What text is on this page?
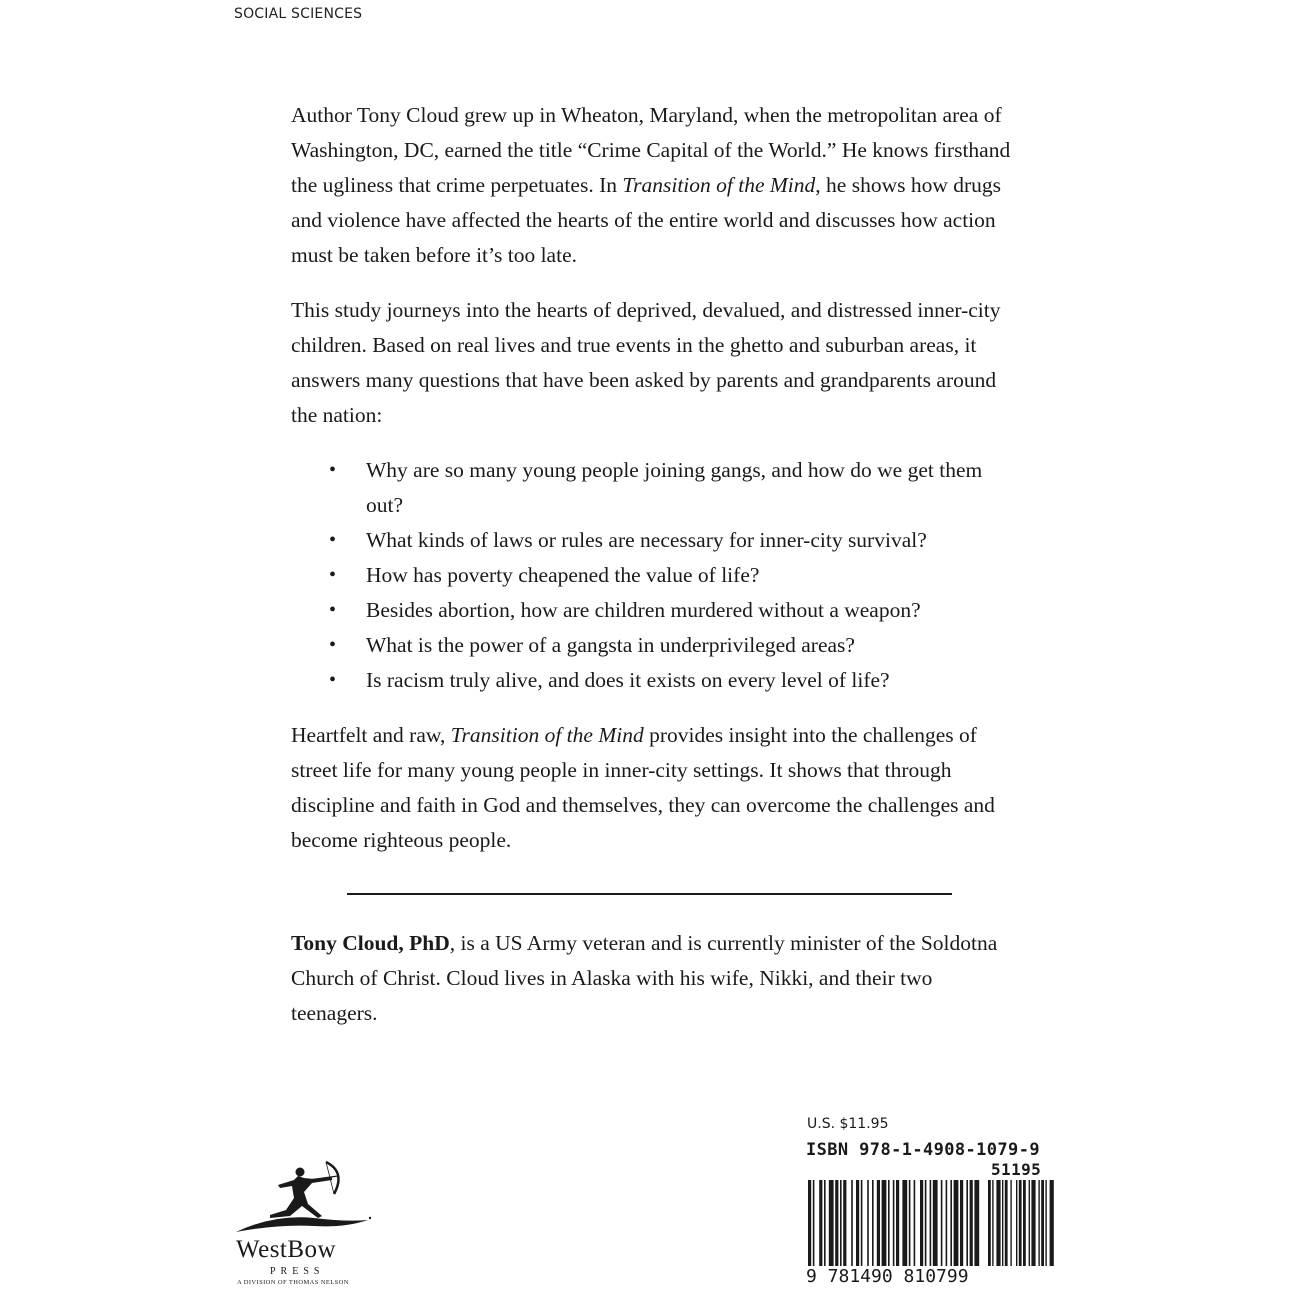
SOCIAL SCIENCES

Author Tony Cloud grew up in Wheaton, Maryland, when the metropolitan area of Washington, DC, earned the title “Crime Capital of the World.” He knows firsthand the ugliness that crime perpetuates. In Transition of the Mind, he shows how drugs and violence have affected the hearts of the entire world and discusses how action must be taken before it’s too late.

This study journeys into the hearts of deprived, devalued, and distressed inner-city children. Based on real lives and true events in the ghetto and suburban areas, it answers many questions that have been asked by parents and grandparents around the nation:

• Why are so many young people joining gangs, and how do we get them out?
• What kinds of laws or rules are necessary for inner-city survival?
• How has poverty cheapened the value of life?
• Besides abortion, how are children murdered without a weapon?
• What is the power of a gangsta in underprivileged areas?
• Is racism truly alive, and does it exists on every level of life?

Heartfelt and raw, Transition of the Mind provides insight into the challenges of street life for many young people in inner-city settings. It shows that through discipline and faith in God and themselves, they can overcome the challenges and become righteous people.

Tony Cloud, PhD, is a US Army veteran and is currently minister of the Soldotna Church of Christ. Cloud lives in Alaska with his wife, Nikki, and their two teenagers.

WestBow
PRESS
A DIVISION OF THOMAS NELSON
U.S. $11.95
ISBN 978-1-4908-1079-9
51195
9 781490 810799
